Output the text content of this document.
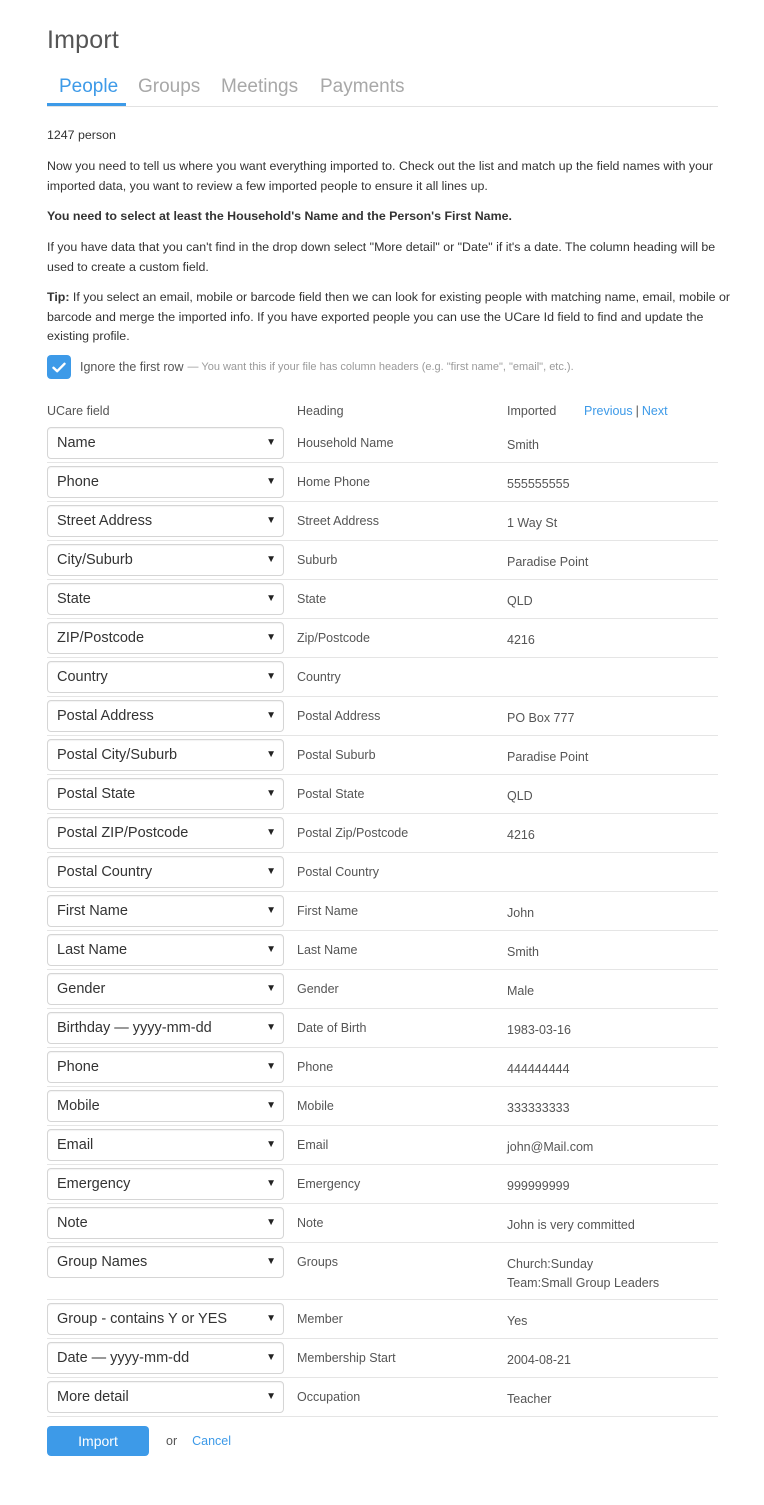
Import
People Groups Meetings Payments

1247 person

Now you need to tell us where you want everything imported to. Check out the list and match up the field names with your imported data, you want to review a few imported people to ensure it all lines up.

You need to select at least the Household's Name and the Person's First Name.

If you have data that you can't find in the drop down select "More detail" or "Date" if it's a date. The column heading will be used to create a custom field.

Tip: If you select an email, mobile or barcode field then we can look for existing people with matching name, email, mobile or barcode and merge the imported info. If you have exported people you can use the UCare Id field to find and update the existing profile.

Ignore the first row — You want this if your file has column headers (e.g. "first name", "email", etc.).
UCare field	Heading	Imported Previous | Next
Name	▼ Household Name	Smith
Phone	▼ Home Phone	555555555
Street Address	▼ Street Address	1 Way St
City/Suburb	▼ Suburb	Paradise Point
State	▼ State	QLD
ZIP/Postcode	▼ Zip/Postcode	4216
Country	▼ Country
Postal Address	▼ Postal Address	PO Box 777
Postal City/Suburb	▼ Postal Suburb	Paradise Point
Postal State	▼ Postal State	QLD
Postal ZIP/Postcode	▼ Postal Zip/Postcode	4216
Postal Country	▼ Postal Country
First Name	▼ First Name	John
Last Name	▼ Last Name	Smith
Gender	▼ Gender	Male
Birthday — yyyy-mm-dd	▼ Date of Birth	1983-03-16
Phone	▼ Phone	444444444
Mobile	▼ Mobile	333333333
Email	▼ Email	john@Mail.com
Emergency	▼ Emergency	999999999
Note	▼ Note	John is very committed
Group Names	▼ Groups	Church:Sunday
Team:Small Group Leaders
Group - contains Y or YES	▼ Member	Yes
Date — yyyy-mm-dd	▼ Membership Start	2004-08-21
More detail	▼ Occupation	Teacher
Import	or Cancel
